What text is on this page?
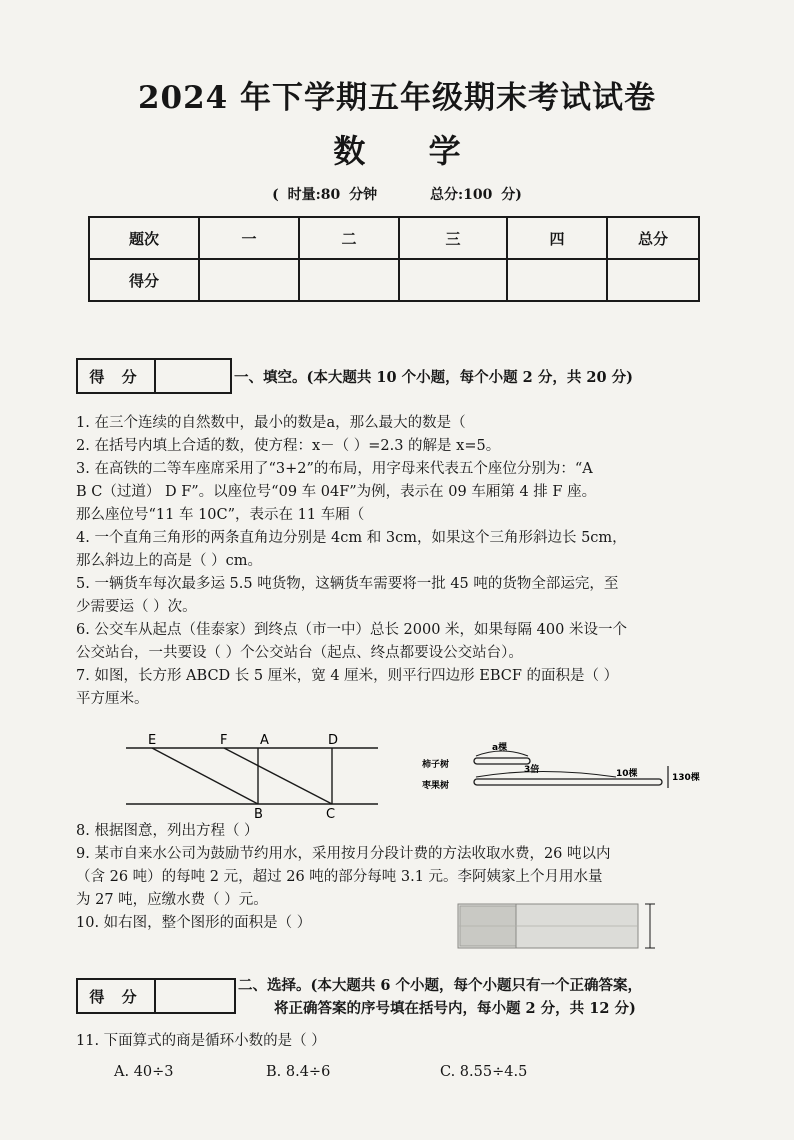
2024 年下学期五年级期末考试试卷
数 学
( 时量:80 分钟	总分:100 分)
题次	一	二	三	四	总分
得分					
得 分	一、填空。(本大题共 10 个小题，每个小题 2 分，共 20 分)
1. 在三个连续的自然数中，最小的数是a，那么最大的数是（
2. 在括号内填上合适的数，使方程：x－（ ）=2.3 的解是 x=5。
3. 在高铁的二等车座席采用了“3+2”的布局，用字母来代表五个座位分别为：“A
B C（过道） D F”。以座位号“09 车 04F”为例，表示在 09 车厢第 4 排 F 座。
那么座位号“11 车 10C”，表示在 11 车厢（
4. 一个直角三角形的两条直角边分别是 4cm 和 3cm，如果这个三角形斜边长 5cm，
那么斜边上的高是（ ）cm。
5. 一辆货车每次最多运 5.5 吨货物，这辆货车需要将一批 45 吨的货物全部运完，至
少需要运（ ）次。
6. 公交车从起点（佳泰家）到终点（市一中）总长 2000 米，如果每隔 400 米设一个
公交站台，一共要设（ ）个公交站台（起点、终点都要设公交站台）。
7. 如图，长方形 ABCD 长 5 厘米，宽 4 厘米，则平行四边形 EBCF 的面积是（ ）
平方厘米。
E	F	A	D
B	C
柿子树
枣果树
a棵
3倍	10棵	130棵
8. 根据图意，列出方程（ ）
9. 某市自来水公司为鼓励节约用水，采用按月分段计费的方法收取水费，26 吨以内
（含 26 吨）的每吨 2 元，超过 26 吨的部分每吨 3.1 元。李阿姨家上个月用水量
为 27 吨，应缴水费（ ）元。
10. 如右图，整个图形的面积是（ ）
得 分
二、选择。(本大题共 6 个小题，每个小题只有一个正确答案，
将正确答案的序号填在括号内，每小题 2 分，共 12 分)
11. 下面算式的商是循环小数的是（ ）
A. 40÷3	B. 8.4÷6	C. 8.55÷4.5
